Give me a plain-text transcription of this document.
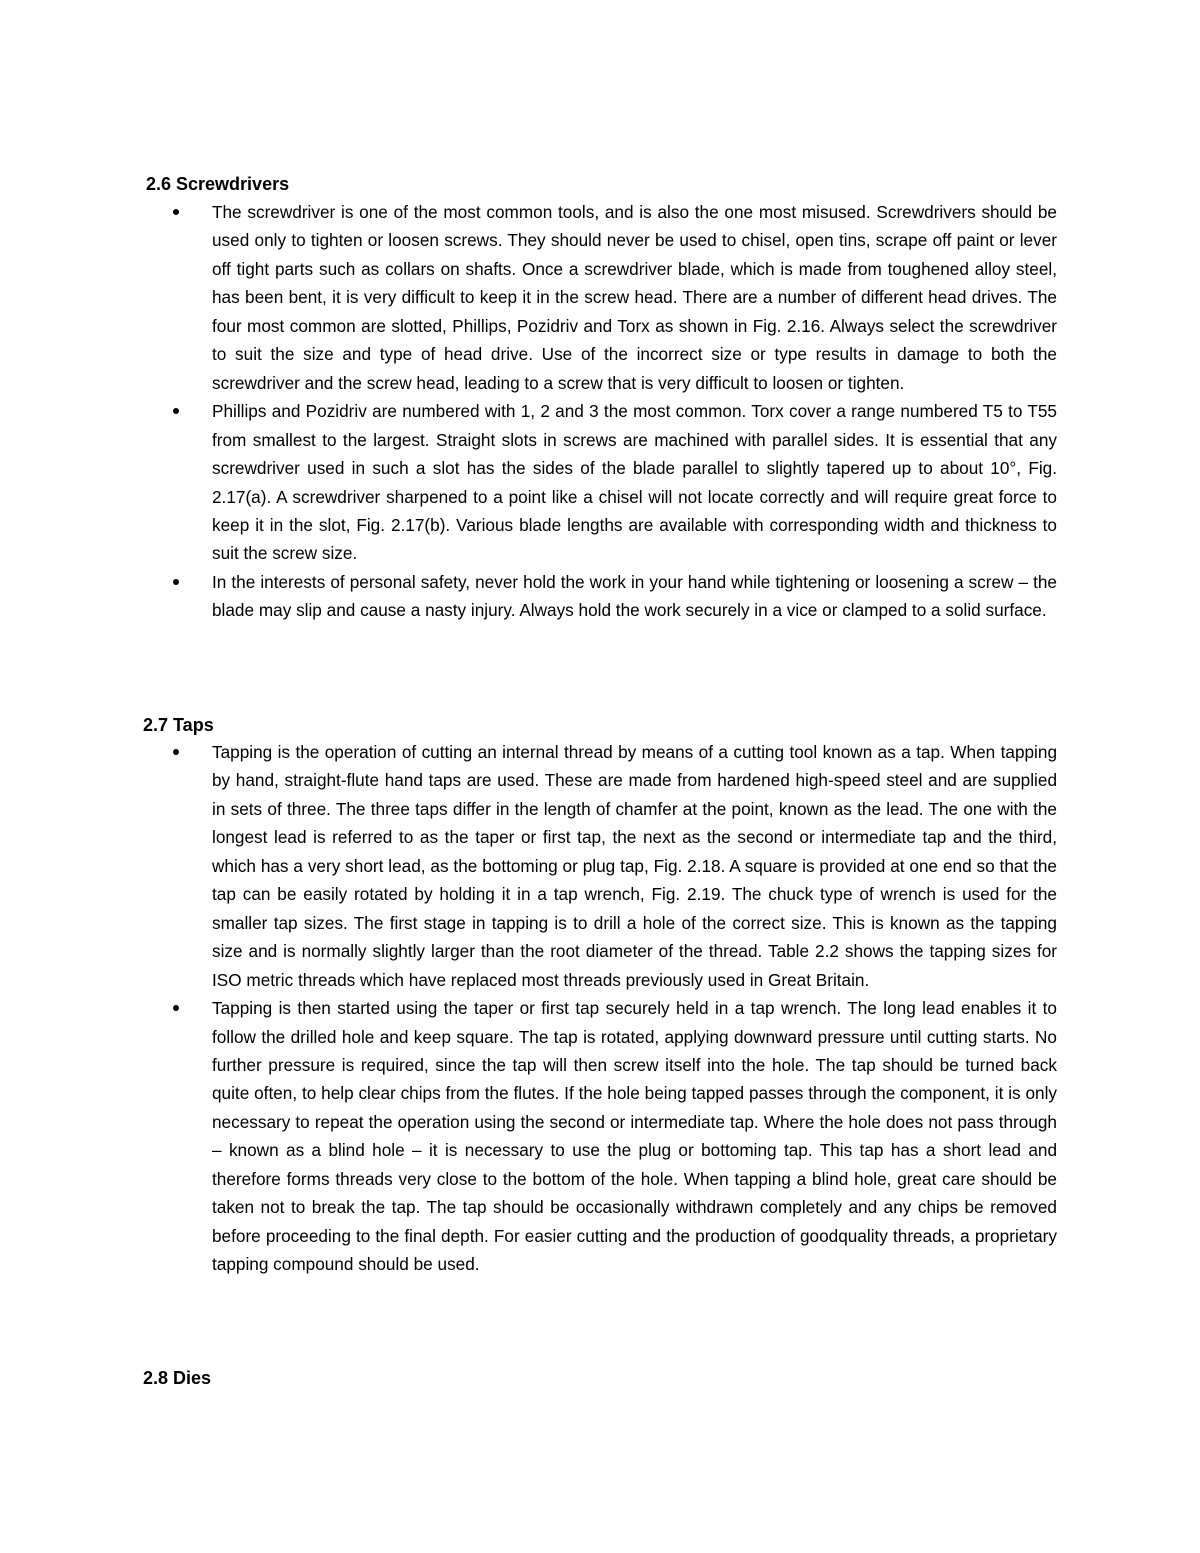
2.6 Screwdrivers
The screwdriver is one of the most common tools, and is also the one most misused. Screwdrivers should be used only to tighten or loosen screws. They should never be used to chisel, open tins, scrape off paint or lever off tight parts such as collars on shafts. Once a screwdriver blade, which is made from toughened alloy steel, has been bent, it is very difficult to keep it in the screw head. There are a number of different head drives. The four most common are slotted, Phillips, Pozidriv and Torx as shown in Fig. 2.16. Always select the screwdriver to suit the size and type of head drive. Use of the incorrect size or type results in damage to both the screwdriver and the screw head, leading to a screw that is very difficult to loosen or tighten.
Phillips and Pozidriv are numbered with 1, 2 and 3 the most common. Torx cover a range numbered T5 to T55 from smallest to the largest. Straight slots in screws are machined with parallel sides. It is essential that any screwdriver used in such a slot has the sides of the blade parallel to slightly tapered up to about 10°, Fig. 2.17(a). A screwdriver sharpened to a point like a chisel will not locate correctly and will require great force to keep it in the slot, Fig. 2.17(b). Various blade lengths are available with corresponding width and thickness to suit the screw size.
In the interests of personal safety, never hold the work in your hand while tightening or loosening a screw – the blade may slip and cause a nasty injury. Always hold the work securely in a vice or clamped to a solid surface.
2.7 Taps
Tapping is the operation of cutting an internal thread by means of a cutting tool known as a tap. When tapping by hand, straight-flute hand taps are used. These are made from hardened high-speed steel and are supplied in sets of three. The three taps differ in the length of chamfer at the point, known as the lead. The one with the longest lead is referred to as the taper or first tap, the next as the second or intermediate tap and the third, which has a very short lead, as the bottoming or plug tap, Fig. 2.18. A square is provided at one end so that the tap can be easily rotated by holding it in a tap wrench, Fig. 2.19. The chuck type of wrench is used for the smaller tap sizes. The first stage in tapping is to drill a hole of the correct size. This is known as the tapping size and is normally slightly larger than the root diameter of the thread. Table 2.2 shows the tapping sizes for ISO metric threads which have replaced most threads previously used in Great Britain.
Tapping is then started using the taper or first tap securely held in a tap wrench. The long lead enables it to follow the drilled hole and keep square. The tap is rotated, applying downward pressure until cutting starts. No further pressure is required, since the tap will then screw itself into the hole. The tap should be turned back quite often, to help clear chips from the flutes. If the hole being tapped passes through the component, it is only necessary to repeat the operation using the second or intermediate tap. Where the hole does not pass through – known as a blind hole – it is necessary to use the plug or bottoming tap. This tap has a short lead and therefore forms threads very close to the bottom of the hole. When tapping a blind hole, great care should be taken not to break the tap. The tap should be occasionally withdrawn completely and any chips be removed before proceeding to the final depth. For easier cutting and the production of goodquality threads, a proprietary tapping compound should be used.
2.8 Dies
